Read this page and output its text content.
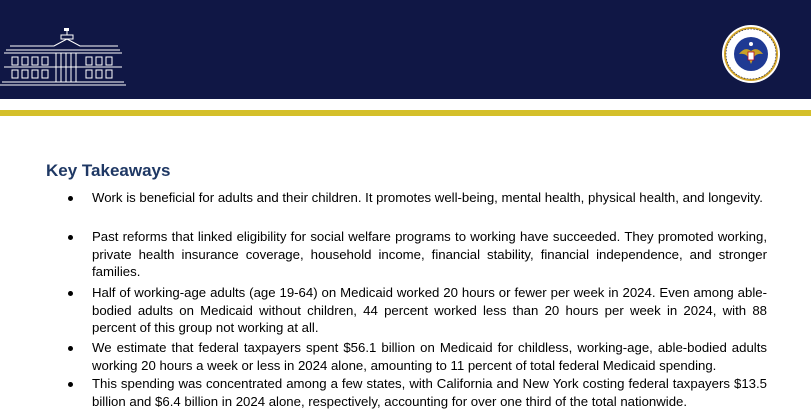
Key Takeaways
Work is beneficial for adults and their children. It promotes well-being, mental health, physical health, and longevity.
Past reforms that linked eligibility for social welfare programs to working have succeeded. They promoted working, private health insurance coverage, household income, financial stability, financial independence, and stronger families.
Half of working-age adults (age 19-64) on Medicaid worked 20 hours or fewer per week in 2024. Even among able-bodied adults on Medicaid without children, 44 percent worked less than 20 hours per week in 2024, with 88 percent of this group not working at all.
We estimate that federal taxpayers spent $56.1 billion on Medicaid for childless, working-age, able-bodied adults working 20 hours a week or less in 2024 alone, amounting to 11 percent of total federal Medicaid spending.
This spending was concentrated among a few states, with California and New York costing federal taxpayers $13.5 billion and $6.4 billion in 2024 alone, respectively, accounting for over one third of the total nationwide.
